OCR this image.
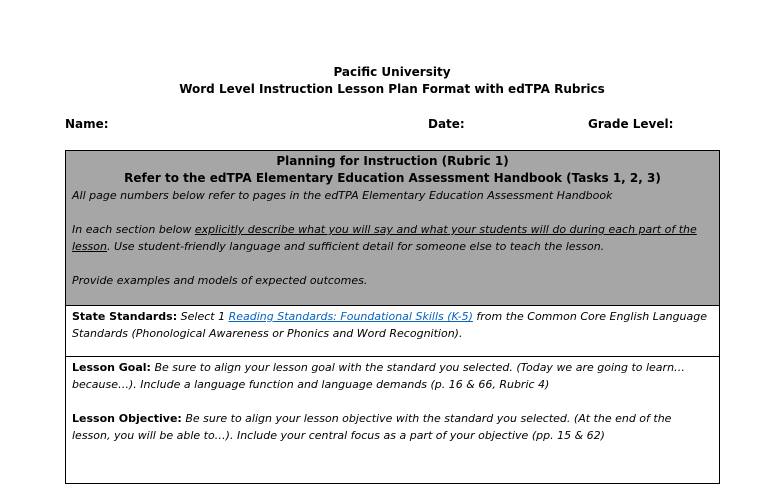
Pacific University
Word Level Instruction Lesson Plan Format with edTPA Rubrics
Name:	Date:	Grade Level:
Planning for Instruction (Rubric 1)
Refer to the edTPA Elementary Education Assessment Handbook (Tasks 1, 2, 3)
All page numbers below refer to pages in the edTPA Elementary Education Assessment Handbook
In each section below explicitly describe what you will say and what your students will do during each part of the lesson. Use student-friendly language and sufficient detail for someone else to teach the lesson.
Provide examples and models of expected outcomes.

State Standards: Select 1 Reading Standards: Foundational Skills (K-5) from the Common Core English Language Standards (Phonological Awareness or Phonics and Word Recognition).

Lesson Goal: Be sure to align your lesson goal with the standard you selected. (Today we are going to learn… because…). Include a language function and language demands (p. 16 & 66, Rubric 4)
Lesson Objective: Be sure to align your lesson objective with the standard you selected. (At the end of the lesson, you will be able to…). Include your central focus as a part of your objective (pp. 15 & 62)
